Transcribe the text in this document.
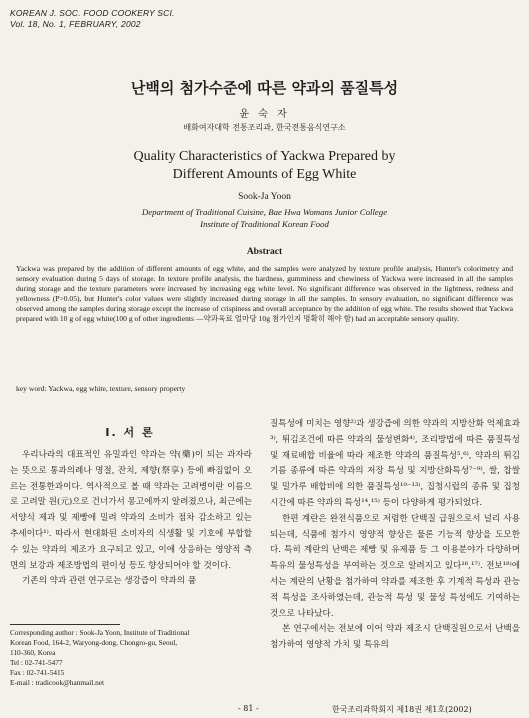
KOREAN J. SOC. FOOD COOKERY SCI.
Vol. 18, No. 1, FEBRUARY, 2002
난백의 첨가수준에 따른 약과의 품질특성
윤 숙 자
배화여자대학 전통조리과, 한국전통음식연구소
Quality Characteristics of Yackwa Prepared by
Different Amounts of Egg White
Sook-Ja Yoon
Department of Traditional Cuisine, Bae Hwa Womans Junior College
Institute of Traditional Korean Food
Abstract
Yackwa was prepared by the addition of different amounts of egg white, and the samples were analyzed by texture profile analysis, Hunter's colorimetry and sensory evaluation during 5 days of storage. In texture profile analysis, the hardness, gumminess and chewiness of Yackwa were increased in all the samples during storage and the texture parameters were increased by increasing egg white level. No significant difference was observed in the lightness, redness and yellowness (P>0.05), but Hunter's color values were slightly increased during storage in all the samples. In sensory evaluation, no significant difference was observed among the samples during storage except the increase of crispiness and overall acceptance by the addition of egg white. The results showed that Yackwa prepared with 10 g of egg white(100 g of other ingredients —약과육료 얼마당 10g 첨가인지 명확히 해야 함) had an acceptable sensory quality.
key word: Yackwa, egg white, texture, sensory property
I. 서 론

우리나라의 대표적인 유밀과인 약과는 약(藥)이 되는 과자라는 뜻으로 통과의례나 명절, 잔치, 제향(祭享) 등에 빠짐없이 오르는 전통한과이다. 역사적으로 볼 때 약과는 고려병이란 이름으로 고려말 원(元)으로 건너가서 몽고에까지 알려졌으나, 최근에는 서양식 제과 및 제빵에 밀려 약과의 소비가 점차 감소하고 있는 추세이다¹⁾. 따라서 현대화된 소비자의 식생활 및 기호에 부합할 수 있는 약과의 제조가 요구되고 있고, 이에 상응하는 영양적 측면의 보강과 제조방법의 편이성 등도 향상되어야 할 것이다.

기존의 약과 관련 연구로는 생강즙이 약과의 품

질특성에 미치는 영향²⁾과 생강즙에 의한 약과의 지방산화 억제효과³⁾, 튀김조건에 따른 약과의 물성변화⁴⁾, 조리방법에 따른 품질특성 및 재료배합 비율에 따라 제조한 약과의 품질특성⁵,⁶⁾, 약과의 튀김기름 종류에 따른 약과의 저장 특성 및 지방산화특성⁷⁻⁹⁾, 쌀, 찹쌀 및 밀가루 배합비에 의한 품질특성¹⁰⁻¹³⁾, 집청시럽의 종류 및 집청시간에 따른 약과의 특성¹⁴,¹⁵⁾ 등이 다양하게 평가되었다.

한편 계란은 완전식품으로 저렴한 단백질 급원으로서 널리 사용되는데, 식품에 첨가시 영양적 향상은 물론 기능적 향상을 도모한다. 특히 계란의 난백은 제빵 및 유제품 등 그 이용분야가 다양하며 특유의 물성특성을 부여하는 것으로 알려지고 있다¹⁶,¹⁷⁾. 전보¹⁸⁾에서는 계란의 난황을 첨가하여 약과를 제조한 후 기계적 특성과 관능적 특성을 조사하였는데, 관능적 특성 및 물성 특성에도 기여하는 것으로 나타났다.

본 연구에서는 전보에 이어 약과 제조시 단백질원으로서 난백을 첨가하여 영양적 가치 및 특유의

Corresponding author : Sook-Ja Yoon, Institute of Traditional
Korean Food, 164-2, Waryong-dong, Chongro-gu, Seoul,
110-360, Korea
Tel : 02-741-5477
Fax : 02-741-5415
E-mail : tradicook@hanmail.net
- 81 -	한국조리과학회지 제18권 제1호(2002)
